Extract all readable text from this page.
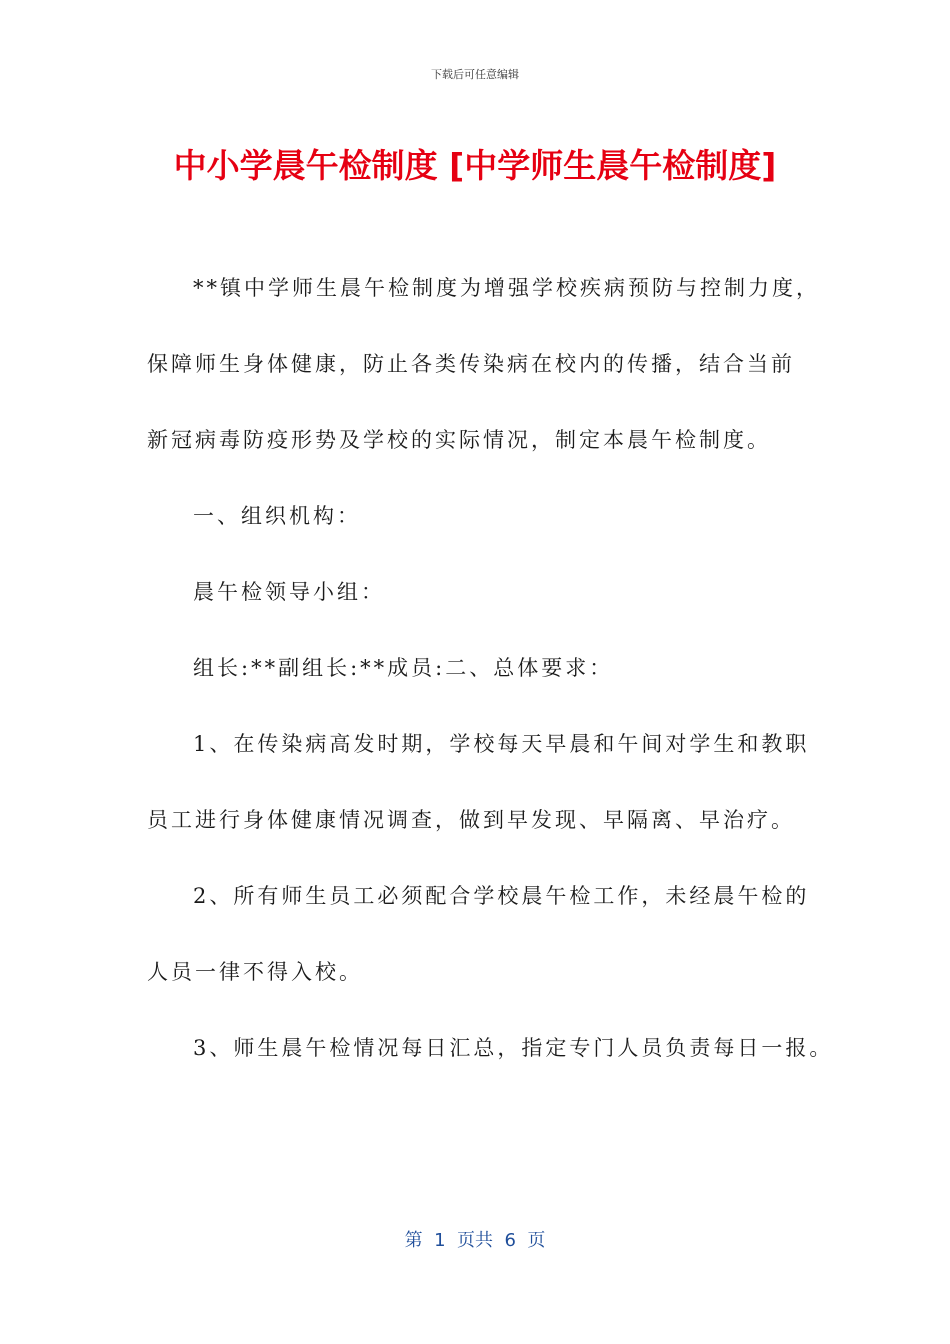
下载后可任意编辑
中小学晨午检制度 [中学师生晨午检制度]
**镇中学师生晨午检制度为增强学校疾病预防与控制力度，
保障师生身体健康，防止各类传染病在校内的传播，结合当前
新冠病毒防疫形势及学校的实际情况，制定本晨午检制度。
一、组织机构：
晨午检领导小组：
组长:**副组长:**成员:二、总体要求：
1、在传染病高发时期，学校每天早晨和午间对学生和教职
员工进行身体健康情况调查，做到早发现、早隔离、早治疗。
2、所有师生员工必须配合学校晨午检工作，未经晨午检的
人员一律不得入校。
3、师生晨午检情况每日汇总，指定专门人员负责每日一报。
第  1  页共  6  页
